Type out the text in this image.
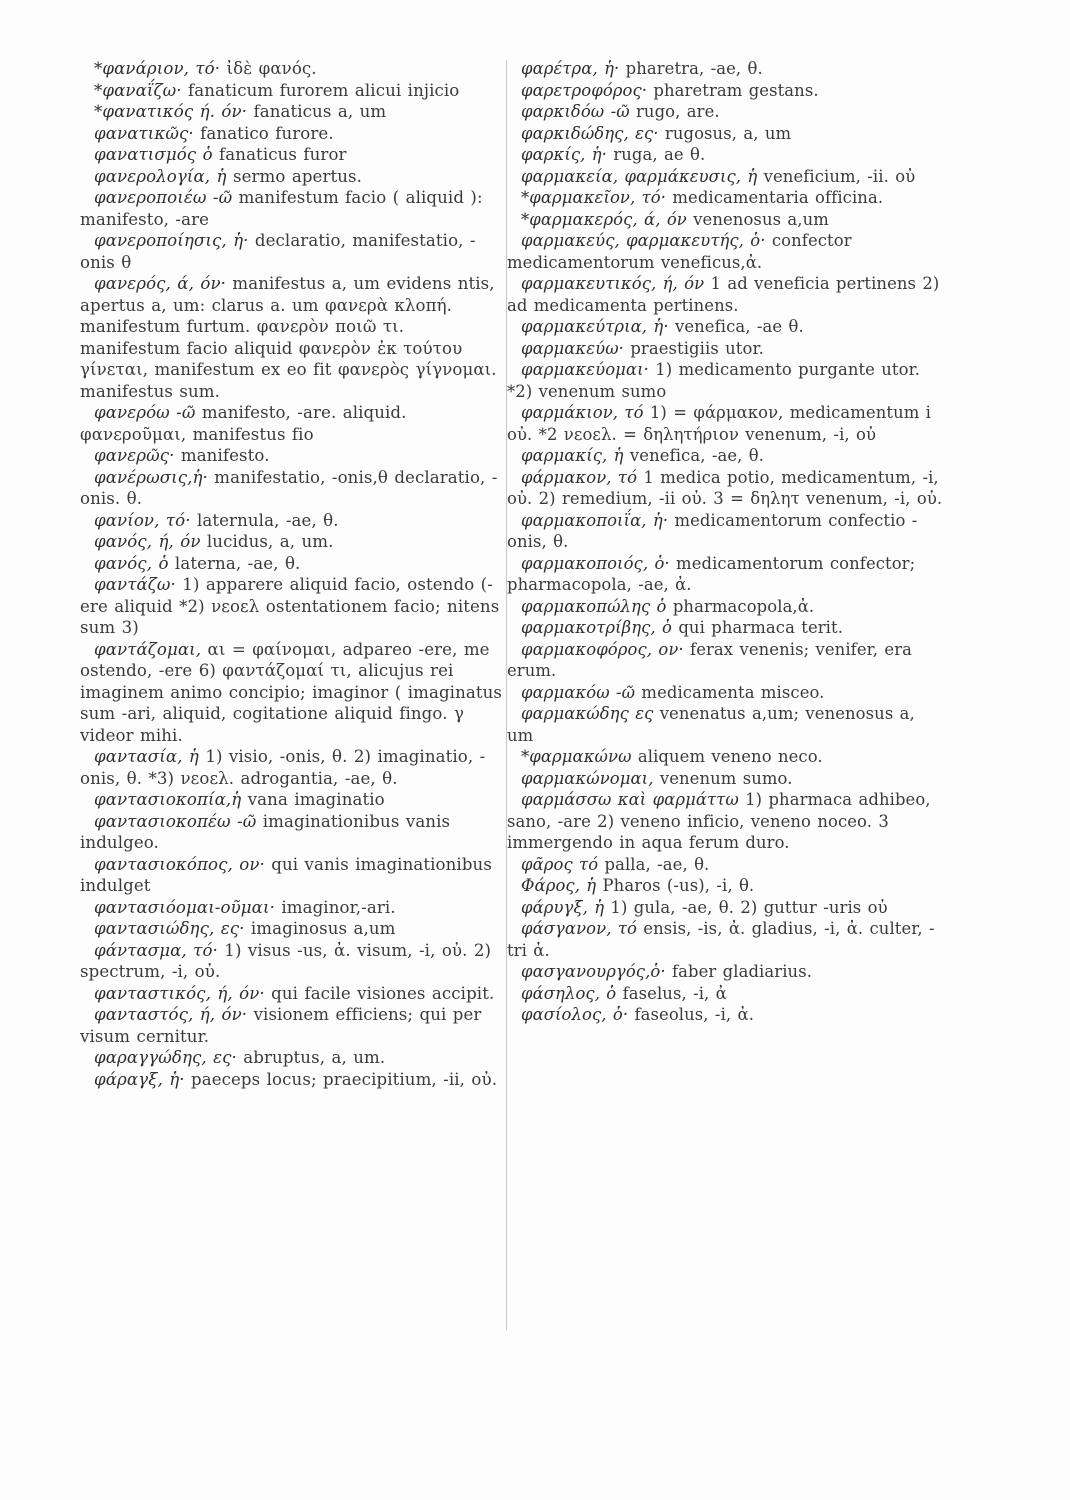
*φανάριον, τό· ἰδὲ φανός.

*φαναΐζω· fanaticum furorem alicui injicio

*φανατικός ή. όν· fanaticus a, um

φανατικῶς· fanatico furore.

φανατισμός ὁ fanaticus furor

φανερολογία, ἡ sermo apertus.

φανεροποιέω -ῶ manifestum facio ( aliquid ): manifesto, -are

φανεροποίησις, ἡ· declaratio, manifestatio, -onis θ

φανερός, ά, όν· manifestus a, um evidens ntis, apertus a, um: clarus a. um φανερὰ κλοπή. manifestum furtum. φανερὸν ποιῶ τι. manifestum facio aliquid φανερὸν ἐκ τούτου γίνεται, manifestum ex eo fit φανερὸς γίγνομαι. manifestus sum.

φανερόω -ῶ manifesto, -are. aliquid. φανεροῦμαι, manifestus fio

φανερῶς· manifesto.

φανέρωσις,ἡ· manifestatio, -onis,θ declaratio, -onis. θ.

φανίον, τό· laternula, -ae, θ.

φανός, ή, όν lucidus, a, um.

φανός, ὁ laterna, -ae, θ.

φαντάζω· 1) apparere aliquid facio, ostendo (-ere aliquid *2) νεοελ ostentationem facio; nitens sum 3)

φαντάζομαι, αι = φαίνομαι, adpareo -ere, me ostendo, -ere 6) φαντάζομαί τι, alicujus rei imaginem animo concipio; imaginor ( imaginatus sum -ari, aliquid, cogitatione aliquid fingo. γ videor mihi.

φαντασία, ἡ 1) visio, -onis, θ. 2) imaginatio, -onis, θ. *3) νεοελ. adrogantia, -ae, θ.

φαντασιοκοπία,ἡ vana imaginatio

φαντασιοκοπέω -ῶ imaginationibus vanis indulgeo.

φαντασιοκόπος, ον· qui vanis imaginationibus indulget

φαντασιόομαι-οῦμαι· imaginor,-ari.

φαντασιώδης, ες· imaginosus a,um

φάντασμα, τό· 1) visus -us, ἀ. visum, -i, οὐ. 2) spectrum, -i, οὐ.

φανταστικός, ή, όν· qui facile visiones accipit.

φανταστός, ή, όν· visionem efficiens; qui per visum cernitur.

φαραγγώδης, ες· abruptus, a, um.

φάραγξ, ἡ· paeceps locus; praecipitium, -ii, οὐ.

φαρέτρα, ἡ· pharetra, -ae, θ.

φαρετροφόρος· pharetram gestans.

φαρκιδόω -ῶ rugo, are.

φαρκιδώδης, ες· rugosus, a, um

φαρκίς, ἡ· ruga, ae θ.

φαρμακεία, φαρμάκευσις, ἡ veneficium, -ii. οὐ

*φαρμακεῖον, τό· medicamentaria officina.

*φαρμακερός, ά, όν venenosus a,um

φαρμακεύς, φαρμακευτής, ὁ· confector medicamentorum veneficus,ἀ.

φαρμακευτικός, ή, όν 1 ad veneficia pertinens 2) ad medicamenta pertinens.

φαρμακεύτρια, ἡ· venefica, -ae θ.

φαρμακεύω· praestigiis utor.

φαρμακεύομαι· 1) medicamento purgante utor. *2) venenum sumo

φαρμάκιον, τό 1) = φάρμακον, medicamentum i οὐ. *2 νεοελ. = δηλητήριον venenum, -i, οὐ

φαρμακίς, ἡ venefica, -ae, θ.

φάρμακον, τό 1 medica potio, medicamentum, -i, οὐ. 2) remedium, -ii οὐ. 3 = δηλητ venenum, -i, οὐ.

φαρμακοποιΐα, ἡ· medicamentorum confectio -onis, θ.

φαρμακοποιός, ὁ· medicamentorum confector; pharmacopola, -ae, ἀ.

φαρμακοπώλης ὁ pharmacopola,ἀ.

φαρμακοτρίβης, ὁ qui pharmaca terit.

φαρμακοφόρος, ον· ferax venenis; venifer, era erum.

φαρμακόω -ῶ medicamenta misceo.

φαρμακώδης ες venenatus a,um; venenosus a, um

*φαρμακώνω aliquem veneno neco.

φαρμακώνομαι, venenum sumo.

φαρμάσσω καὶ φαρμάττω 1) pharmaca adhibeo, sano, -are 2) veneno inficio, veneno noceo. 3 immergendo in aqua ferum duro.

φᾶρος τό palla, -ae, θ.

Φάρος, ἡ Pharos (-us), -i, θ.

φάρυγξ, ἡ 1) gula, -ae, θ. 2) guttur -uris οὐ

φάσγανον, τό ensis, -is, ἀ. gladius, -i, ἀ. culter, -tri ἀ.

φασγανουργός,ὁ· faber gladiarius.

φάσηλος, ὁ faselus, -i, ἀ

φασίολος, ὁ· faseolus, -i, ἀ.
